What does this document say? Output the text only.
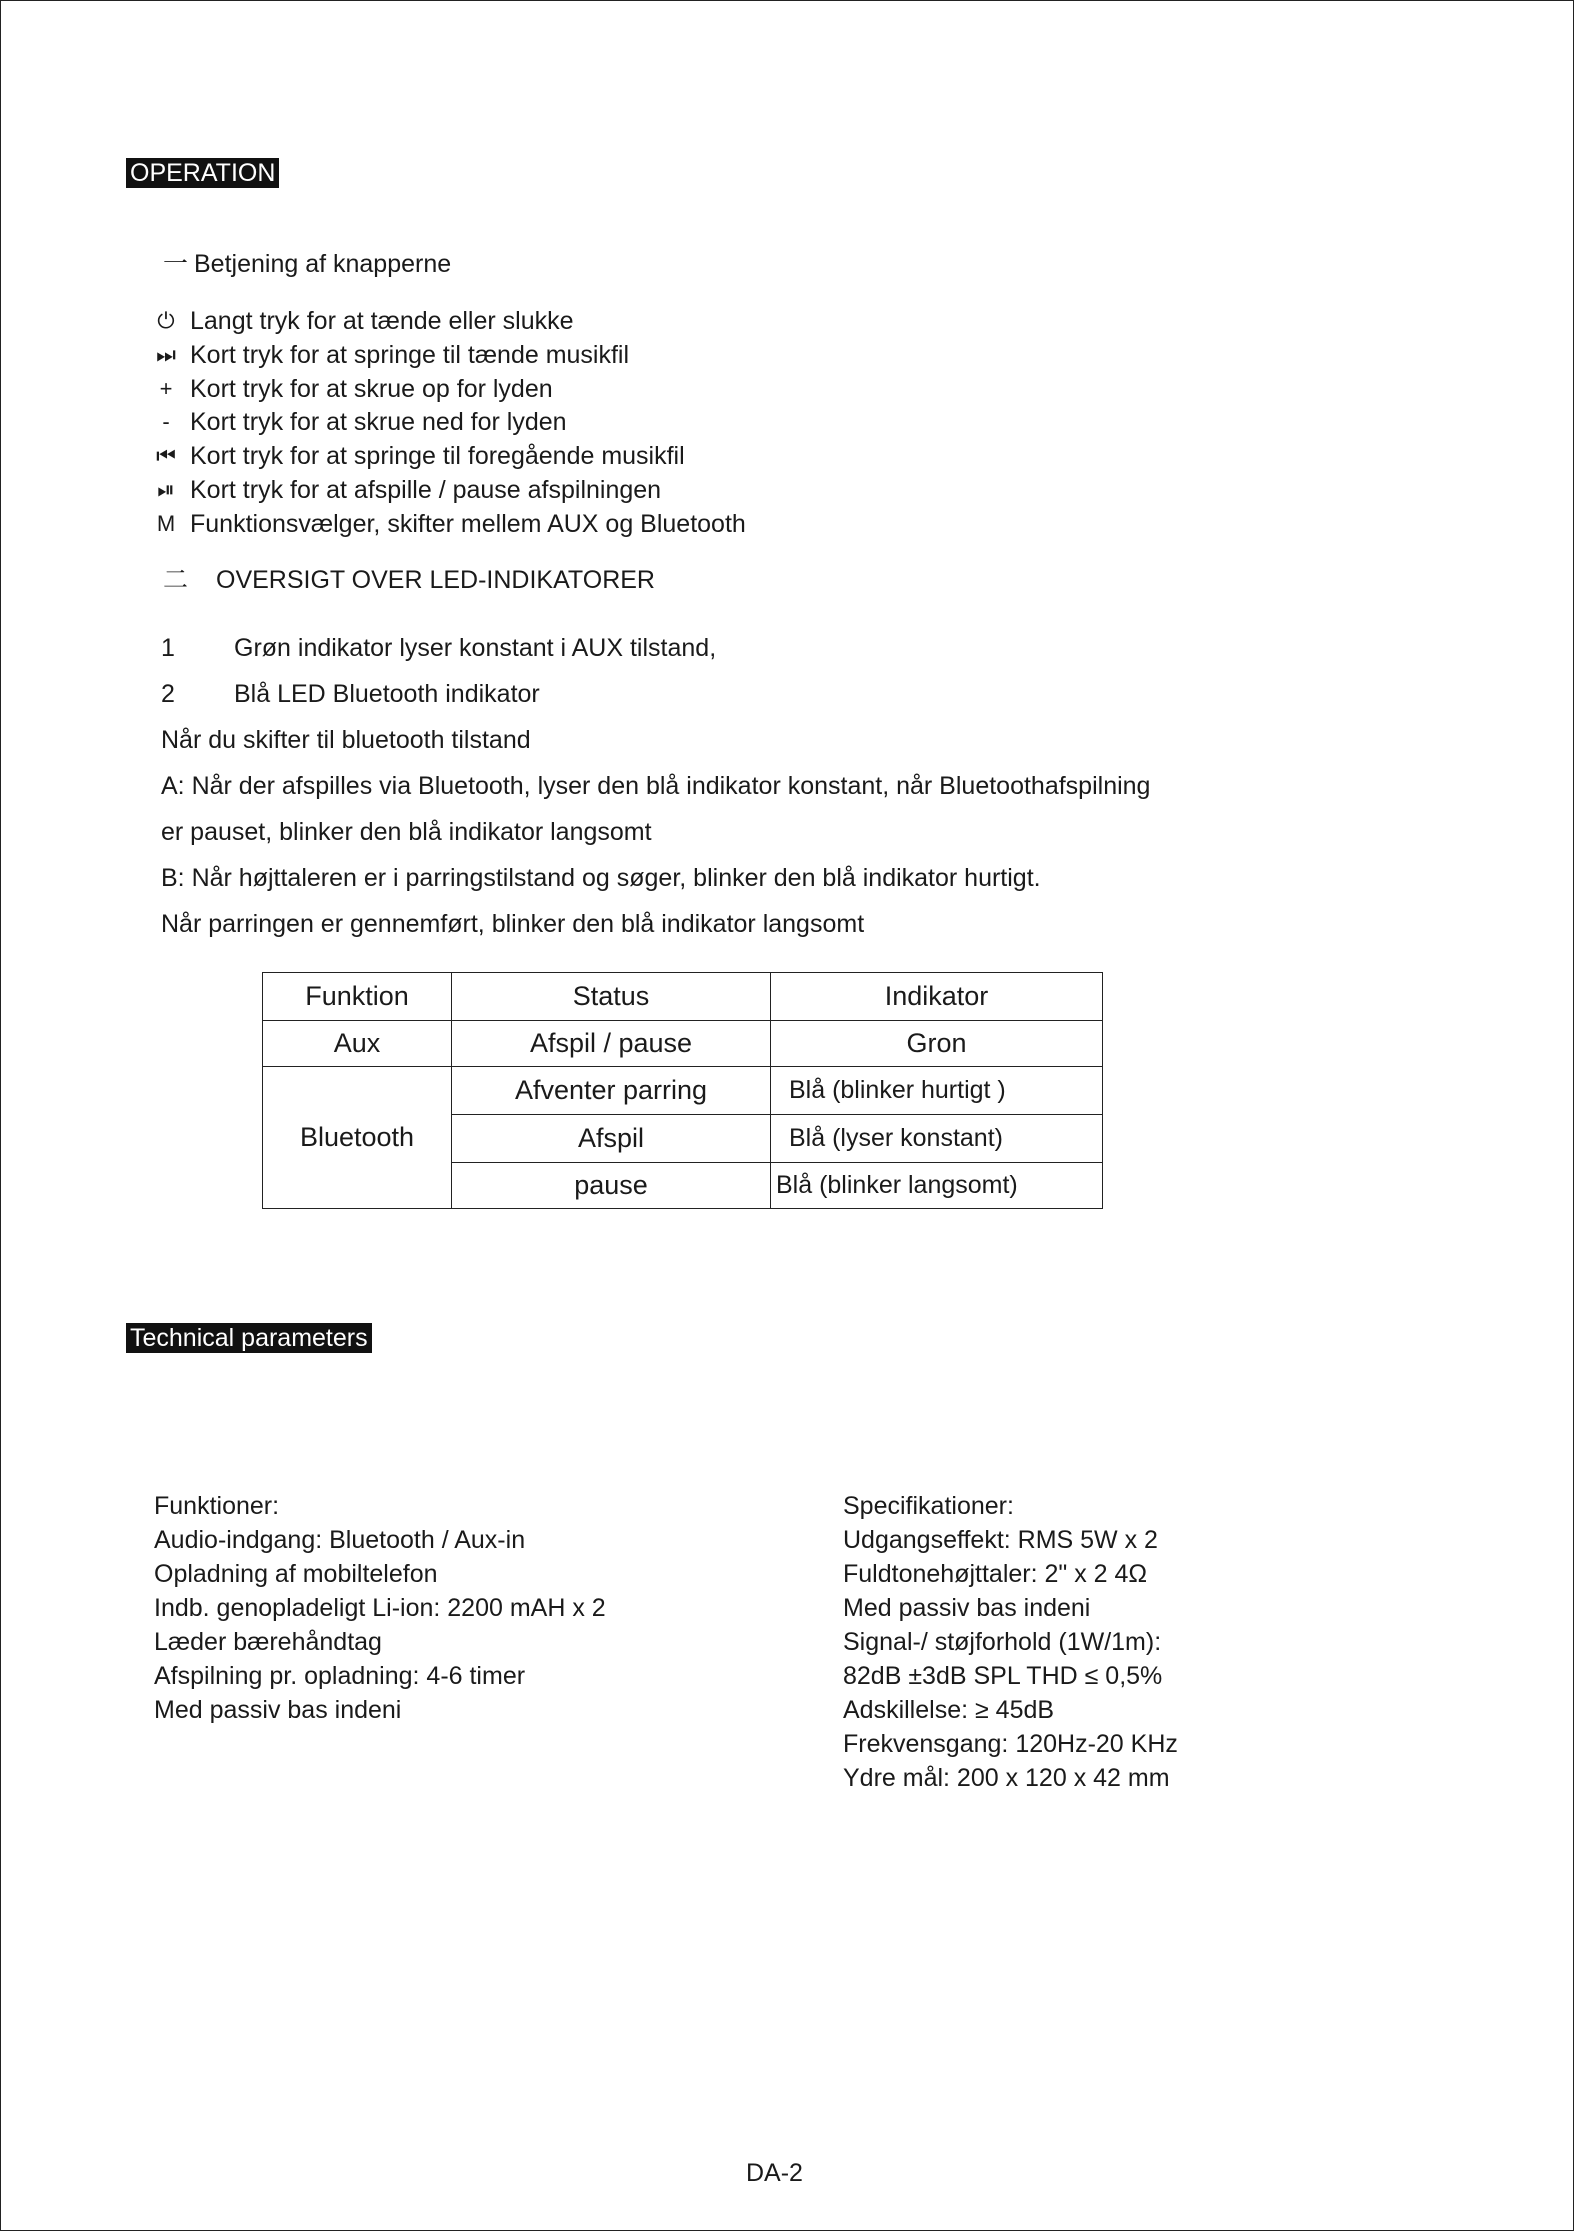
OPERATION
一 Betjening af knapperne
⏻ Langt tryk for at tænde eller slukke
⏭ Kort tryk for at springe til tænde musikfil
+ Kort tryk for at skrue op for lyden
- Kort tryk for at skrue ned for lyden
⏮ Kort tryk for at springe til foregående musikfil
⏯ Kort tryk for at afspille / pause afspilningen
M Funktionsvælger, skifter mellem AUX og Bluetooth
二 OVERSIGT OVER LED-INDIKATORER
1 Grøn indikator lyser konstant i AUX tilstand,
2 Blå LED Bluetooth indikator
Når du skifter til bluetooth tilstand
A: Når der afspilles via Bluetooth, lyser den blå indikator konstant, når Bluetoothafspilning
er pauset, blinker den blå indikator langsomt
B: Når højttaleren er i parringstilstand og søger, blinker den blå indikator hurtigt.
Når parringen er gennemført, blinker den blå indikator langsomt
Funktion	Status	Indikator
Aux	Afspil / pause	Gron
Bluetooth	Afventer parring	Blå (blinker hurtigt )
	Afspil	Blå (lyser konstant)
	pause	Blå (blinker langsomt)
Technical parameters
Funktioner:
Audio-indgang: Bluetooth / Aux-in
Opladning af mobiltelefon
Indb. genopladeligt Li-ion: 2200 mAH x 2
Læder bærehåndtag
Afspilning pr. opladning: 4-6 timer
Med passiv bas indeni
Specifikationer:
Udgangseffekt: RMS 5W x 2
Fuldtonehøjttaler: 2" x 2 4Ω
Med passiv bas indeni
Signal-/ støjforhold (1W/1m):
82dB ±3dB SPL THD ≤ 0,5%
Adskillelse: ≥ 45dB
Frekvensgang: 120Hz-20 KHz
Ydre mål: 200 x 120 x 42 mm
DA-2
